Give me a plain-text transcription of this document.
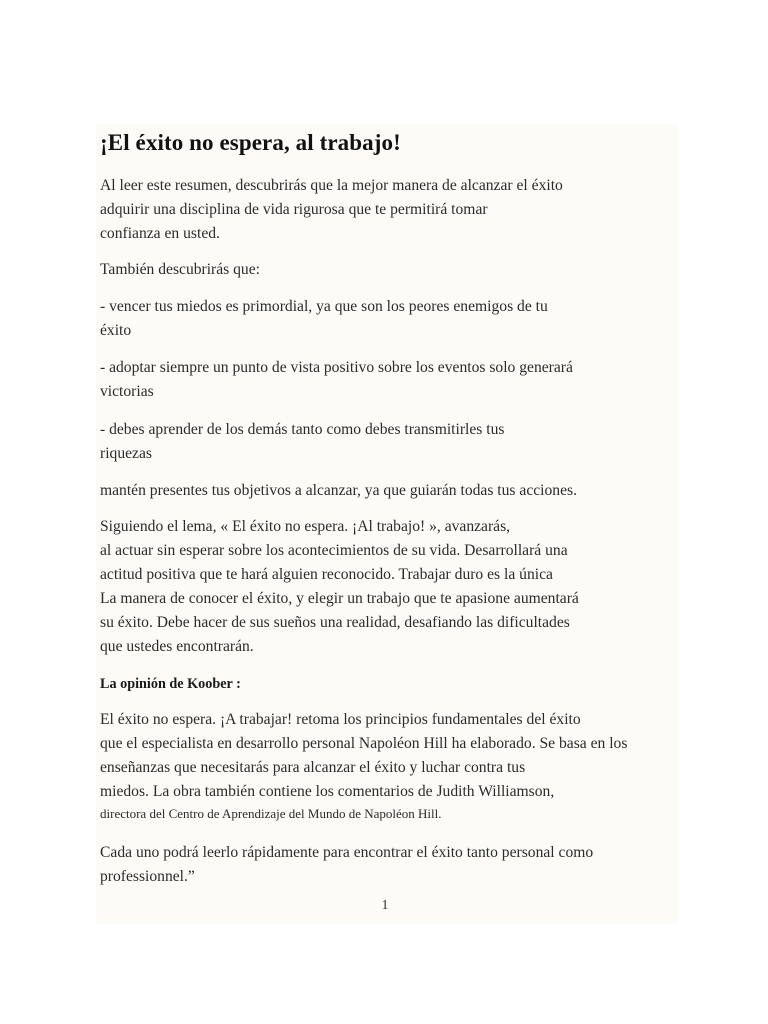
¡El éxito no espera, al trabajo!

Al leer este resumen, descubrirás que la mejor manera de alcanzar el éxito
adquirir una disciplina de vida rigurosa que te permitirá tomar
confianza en usted.

También descubrirás que:

- vencer tus miedos es primordial, ya que son los peores enemigos de tu
éxito

- adoptar siempre un punto de vista positivo sobre los eventos solo generará
victorias

- debes aprender de los demás tanto como debes transmitirles tus
riquezas

mantén presentes tus objetivos a alcanzar, ya que guiarán todas tus acciones.

Siguiendo el lema, « El éxito no espera. ¡Al trabajo! », avanzarás,
al actuar sin esperar sobre los acontecimientos de su vida. Desarrollará una
actitud positiva que te hará alguien reconocido. Trabajar duro es la única
La manera de conocer el éxito, y elegir un trabajo que te apasione aumentará
su éxito. Debe hacer de sus sueños una realidad, desafiando las dificultades
que ustedes encontrarán.

La opinión de Koober :

El éxito no espera. ¡A trabajar! retoma los principios fundamentales del éxito
que el especialista en desarrollo personal Napoléon Hill ha elaborado. Se basa en los
enseñanzas que necesitarás para alcanzar el éxito y luchar contra tus
miedos. La obra también contiene los comentarios de Judith Williamson,
directora del Centro de Aprendizaje del Mundo de Napoléon Hill.

Cada uno podrá leerlo rápidamente para encontrar el éxito tanto personal como
professionnel.”

1
